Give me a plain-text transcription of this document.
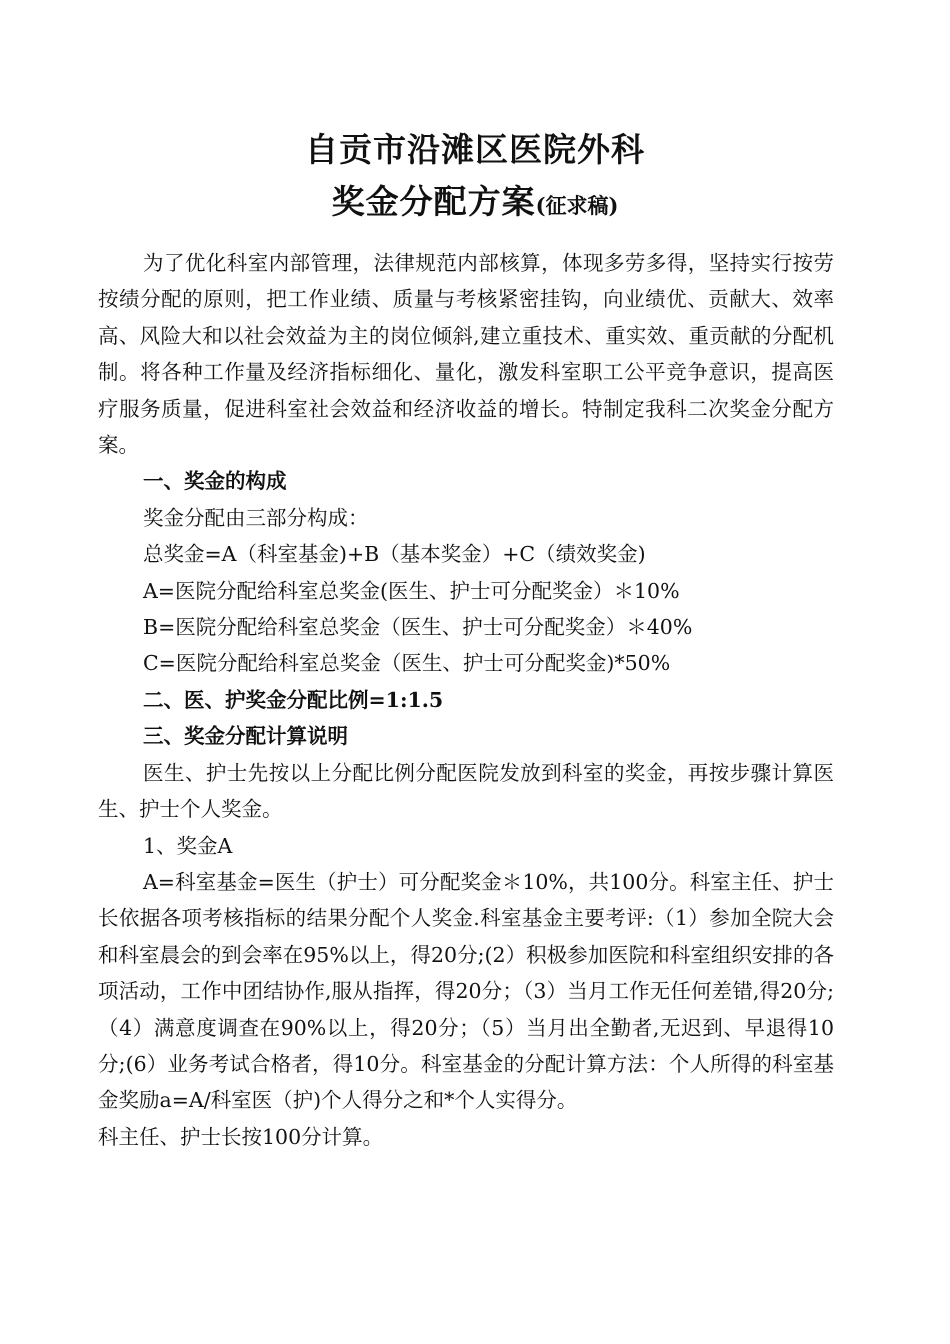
自贡市沿滩区医院外科
奖金分配方案(征求稿)

为了优化科室内部管理，法律规范内部核算，体现多劳多得，坚持实行按劳按绩分配的原则，把工作业绩、质量与考核紧密挂钩，向业绩优、贡献大、效率高、风险大和以社会效益为主的岗位倾斜,建立重技术、重实效、重贡献的分配机制。将各种工作量及经济指标细化、量化，激发科室职工公平竞争意识，提高医疗服务质量，促进科室社会效益和经济收益的增长。特制定我科二次奖金分配方案。

一、奖金的构成

奖金分配由三部分构成：

总奖金=A（科室基金)+B（基本奖金）+C（绩效奖金)

A=医院分配给科室总奖金(医生、护士可分配奖金）＊10%

B=医院分配给科室总奖金（医生、护士可分配奖金）＊40%

C=医院分配给科室总奖金（医生、护士可分配奖金)*50%

二、医、护奖金分配比例=1:1.5

三、奖金分配计算说明

医生、护士先按以上分配比例分配医院发放到科室的奖金，再按步骤计算医生、护士个人奖金。

1、奖金A

A=科室基金=医生（护士）可分配奖金＊10%，共100分。科室主任、护士长依据各项考核指标的结果分配个人奖金.科室基金主要考评:（1）参加全院大会和科室晨会的到会率在95%以上，得20分;(2）积极参加医院和科室组织安排的各项活动，工作中团结协作,服从指挥，得20分；（3）当月工作无任何差错,得20分;（4）满意度调查在90%以上，得20分；（5）当月出全勤者,无迟到、早退得10分;(6）业务考试合格者，得10分。科室基金的分配计算方法：个人所得的科室基金奖励a=A/科室医（护)个人得分之和*个人实得分。

科主任、护士长按100分计算。
